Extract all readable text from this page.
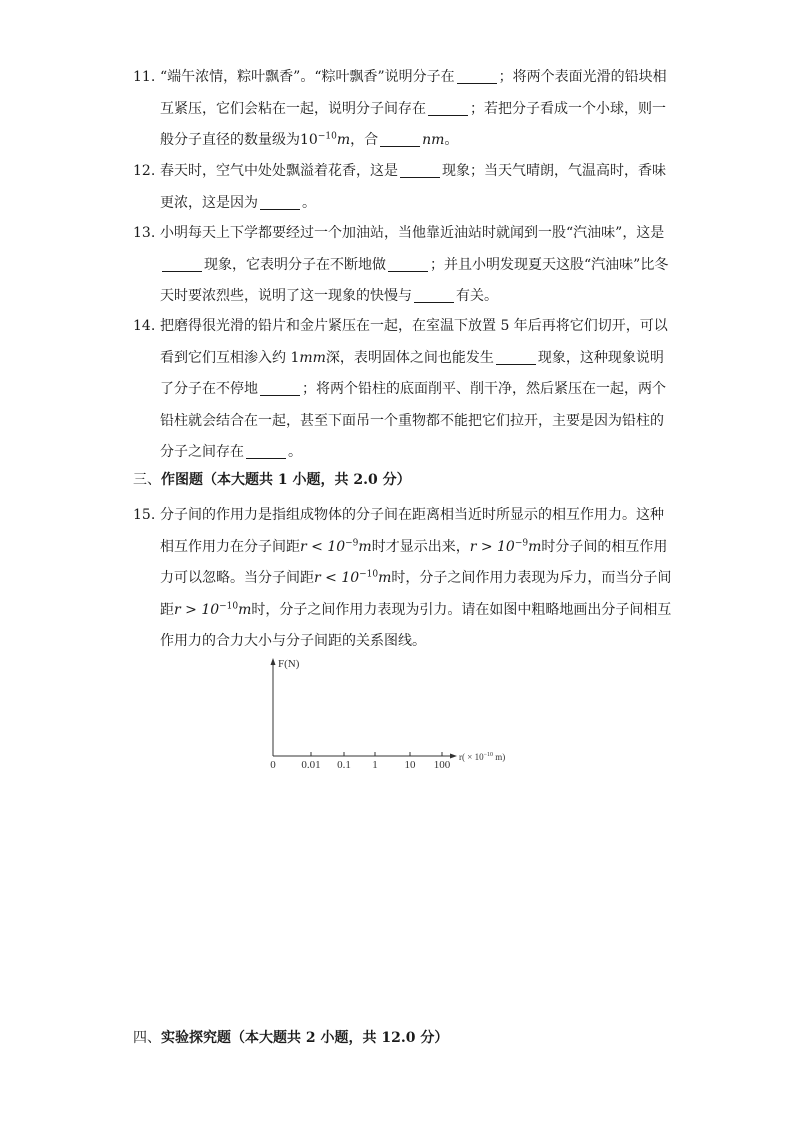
11. “端午浓情，粽叶飘香”。“粽叶飘香”说明分子在	；将两个表面光滑的铅块相互紧压，它们会粘在一起，说明分子间存在	；若把分子看成一个小球，则一般分子直径的数量级为$10^{-10}m$，合	nm。
12. 春天时，空气中处处飘溢着花香，这是	现象；当天气晴朗，气温高时，香味更浓，这是因为	。
13. 小明每天上下学都要经过一个加油站，当他靠近油站时就闻到一股“汽油味”，这是现象，它表明分子在不断地做	；并且小明发现夏天这股“汽油味”比冬天时要浓烈些，说明了这一现象的快慢与	有关。
14. 把磨得很光滑的铅片和金片紧压在一起，在室温下放置 5 年后再将它们切开，可以看到它们互相渗入约 1mm深，表明固体之间也能发生	现象，这种现象说明了分子在不停地	；将两个铅柱的底面削平、削干净，然后紧压在一起，两个铅柱就会结合在一起，甚至下面吊一个重物都不能把它们拉开，主要是因为铅柱的分子之间存在	。
三、作图题（本大题共 1 小题，共 2.0 分）
15. 分子间的作用力是指组成物体的分子间在距离相当近时所显示的相互作用力。这种相互作用力在分子间距$r < 10^{-9}m$时才显示出来，$r > 10^{-9}m$时分子间的相互作用力可以忽略。当分子间距$r < 10^{-10}m$时，分子之间作用力表现为斥力，而当分子间距$r > 10^{-10}m$时，分子之间作用力表现为引力。请在如图中粗略地画出分子间相互作用力的合力大小与分子间距的关系图线。
F(N)
$r( \times 10^{-10}$ m)
0 0.01 0.1 1 10 100
四、实验探究题（本大题共 2 小题，共 12.0 分）
